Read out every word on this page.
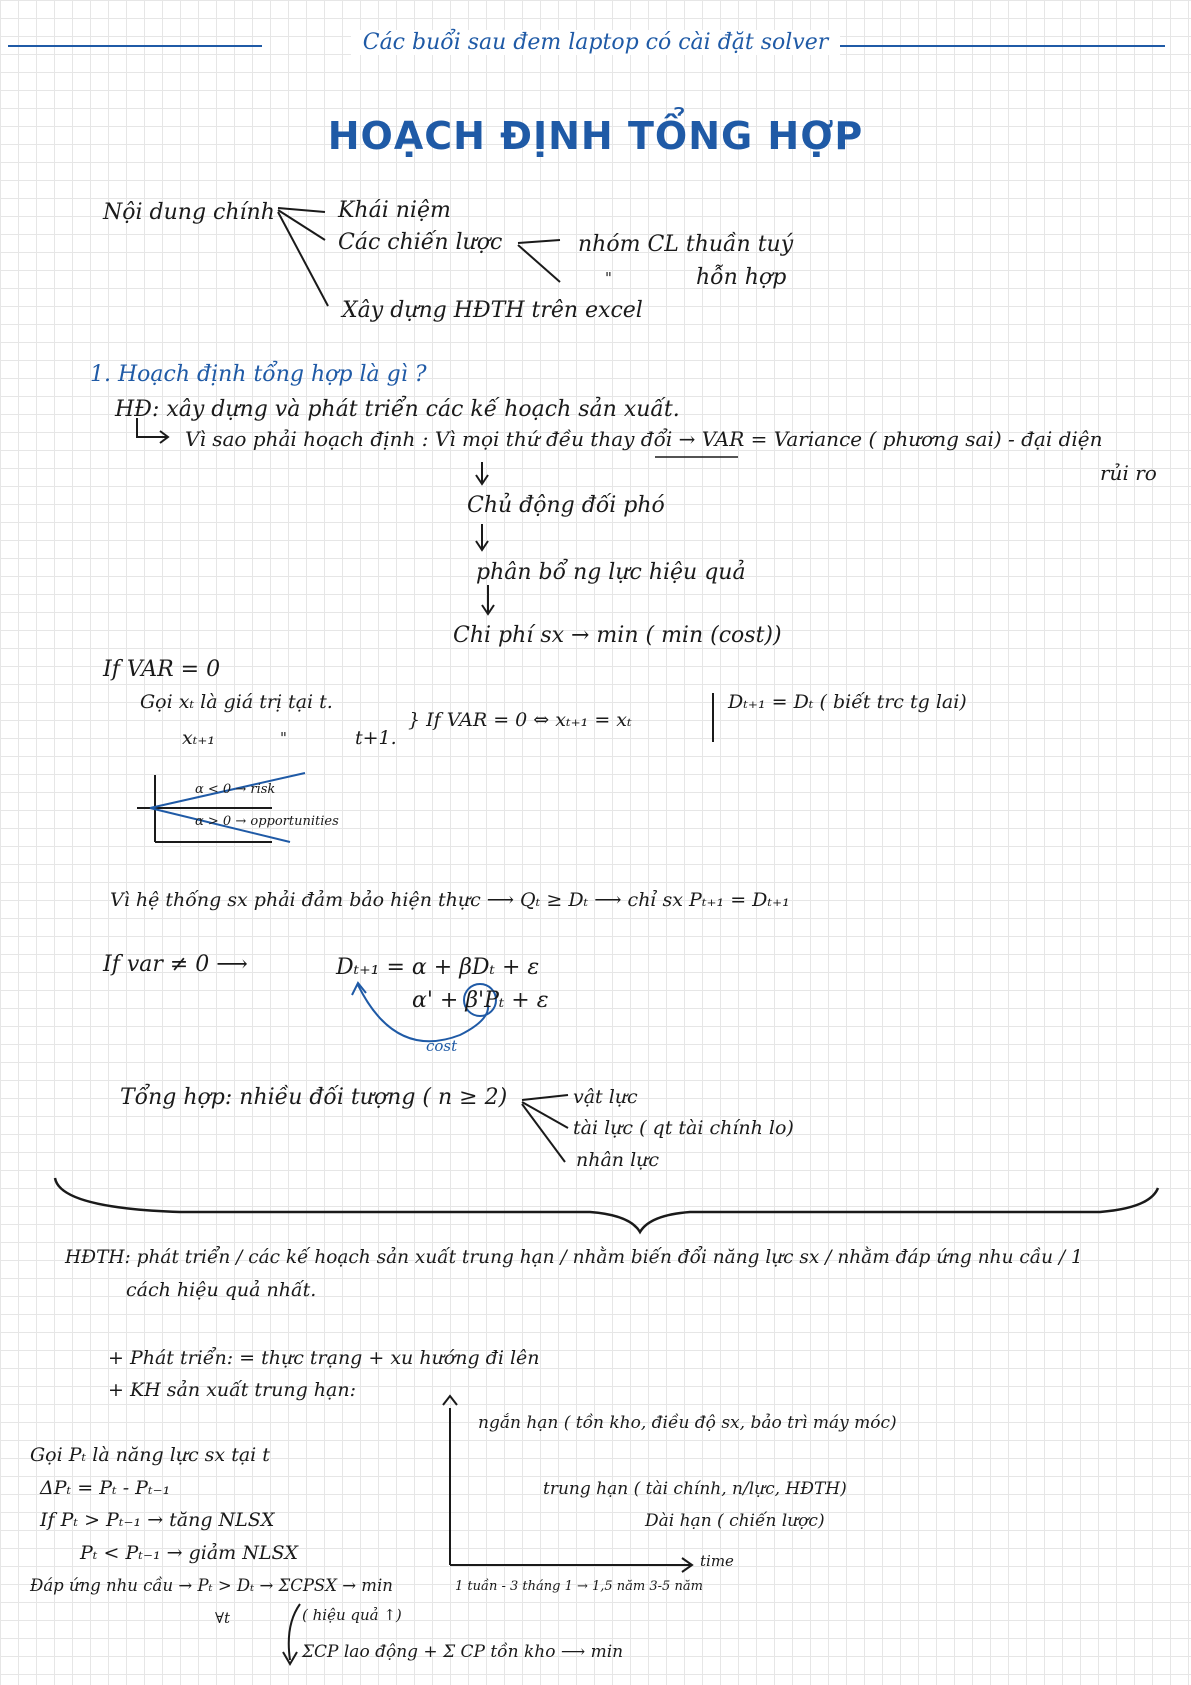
Các buổi sau đem laptop có cài đặt solver
HOẠCH ĐỊNH TỔNG HỢP
Nội dung chính	Khái niệm
Các chiến lược	nhóm CL thuần tuý
"	hỗn hợp
Xây dựng HĐTH trên excel
1. Hoạch định tổng hợp là gì ?
HĐ: xây dựng và phát triển các kế hoạch sản xuất.
Vì sao phải hoạch định : Vì mọi thứ đều thay đổi → VAR = Variance ( phương sai) - đại diện
rủi ro
Chủ động đối phó
phân bổ ng lực hiệu quả
Chi phí sx → min ( min (cost))
If VAR = 0
Gọi xₜ là giá trị tại t.
xₜ₊₁	"	t+1.
} If VAR = 0 ⇔ xₜ₊₁ = xₜ
Dₜ₊₁ = Dₜ ( biết trc tg lai)
α < 0 → risk
α > 0 → opportunities
Vì hệ thống sx phải đảm bảo hiện thực ⟶ Qₜ ≥ Dₜ ⟶ chỉ sx Pₜ₊₁ = Dₜ₊₁
If var ≠ 0 ⟶	Dₜ₊₁ = α + βDₜ + ε
α' + β'Pₜ + ε
cost
Tổng hợp: nhiều đối tượng ( n ≥ 2)	vật lực
tài lực ( qt tài chính lo)
nhân lực
HĐTH: phát triển / các kế hoạch sản xuất trung hạn / nhằm biến đổi năng lực sx / nhằm đáp ứng nhu cầu / 1
cách hiệu quả nhất.
+ Phát triển: = thực trạng + xu hướng đi lên
+ KH sản xuất trung hạn:
ngắn hạn ( tồn kho, điều độ sx, bảo trì máy móc)
trung hạn ( tài chính, n/lực, HĐTH)
Dài hạn ( chiến lược)
time
1 tuần - 3 tháng 1 → 1,5 năm 3-5 năm
Gọi Pₜ là năng lực sx tại t
ΔPₜ = Pₜ - Pₜ₋₁
If Pₜ > Pₜ₋₁ → tăng NLSX
Pₜ < Pₜ₋₁ → giảm NLSX
Đáp ứng nhu cầu → Pₜ > Dₜ → ΣCPSX → min
∀t	( hiệu quả ↑)
ΣCP lao động + Σ CP tồn kho ⟶ min
